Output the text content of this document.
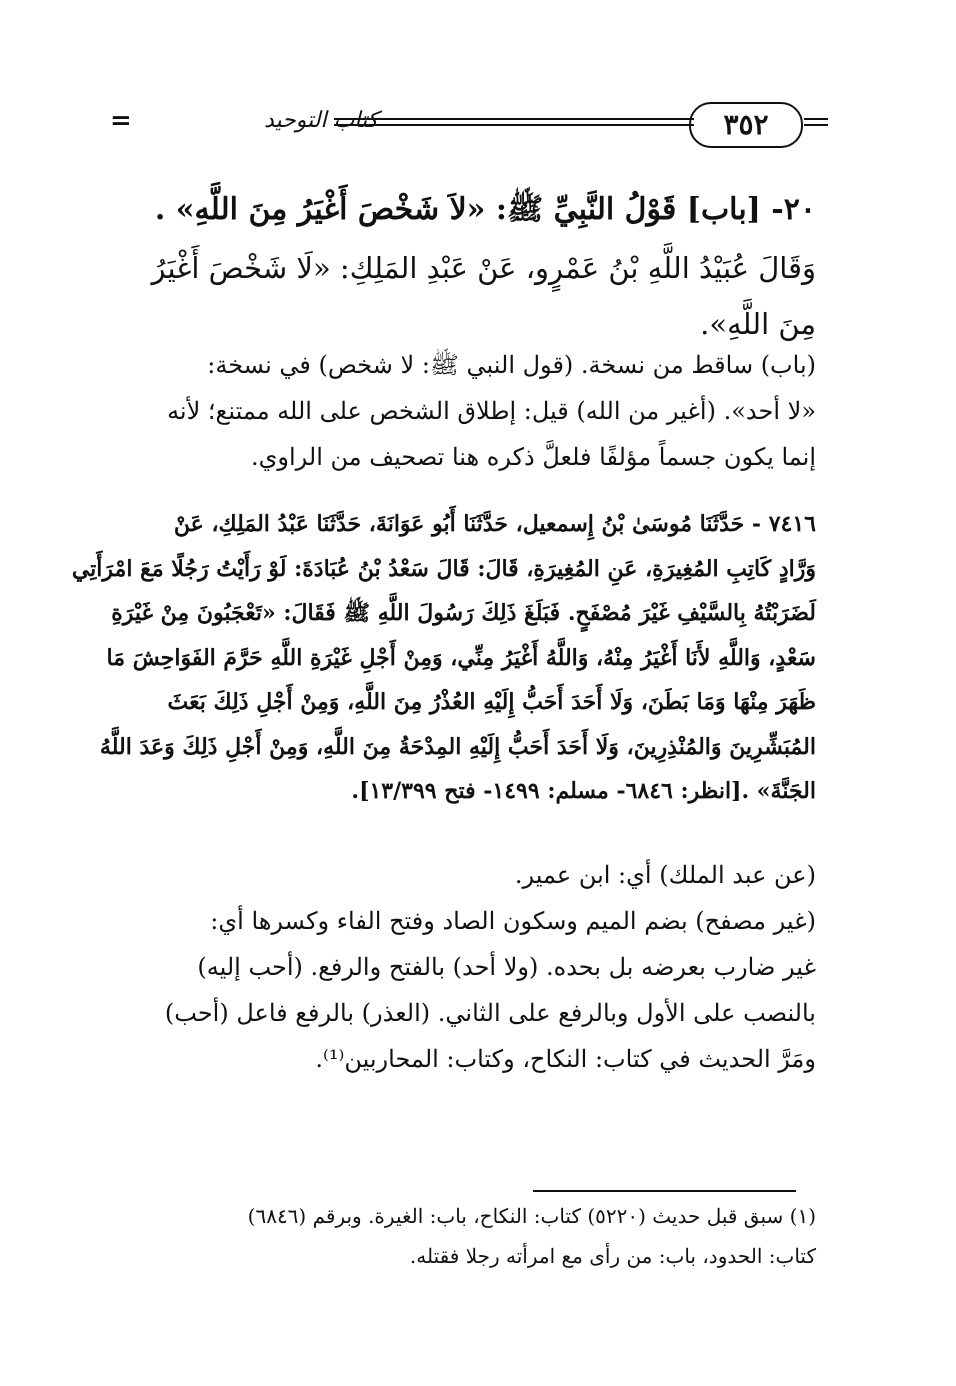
=	كتاب التوحيد	٣٥٢
٢٠- [باب] قَوْلُ النَّبِيِّ ﷺ: «لاَ شَخْصَ أَغْيَرُ مِنَ اللَّهِ» .
وَقَالَ عُبَيْدُ اللَّهِ بْنُ عَمْرٍو، عَنْ عَبْدِ المَلِكِ: «لَا شَخْصَ أَغْيَرُ
مِنَ اللَّهِ».
(باب) ساقط من نسخة. (قول النبي ﷺ: لا شخص) في نسخة:
«لا أحد». (أغير من الله) قيل: إطلاق الشخص على الله ممتنع؛ لأنه
إنما يكون جسماً مؤلفًا فلعلَّ ذكره هنا تصحيف من الراوي.
٧٤١٦ - حَدَّثَنَا مُوسَىٰ بْنُ إِسمعيل، حَدَّثَنَا أَبُو عَوَانَةَ، حَدَّثَنَا عَبْدُ المَلِكِ، عَنْ
وَرَّادٍ كَاتِبِ المُغِيرَةِ، عَنِ المُغِيرَةِ، قَالَ: قَالَ سَعْدُ بْنُ عُبَادَةَ: لَوْ رَأَيْتُ رَجُلًا مَعَ امْرَأَتِي
لَضَرَبْتُهُ بِالسَّيْفِ غَيْرَ مُصْفَحٍ. فَبَلَغَ ذَلِكَ رَسُولَ اللَّهِ ﷺ فَقَالَ: «تَعْجَبُونَ مِنْ غَيْرَةِ
سَعْدٍ، وَاللَّهِ لأَنَا أَغْيَرُ مِنْهُ، وَاللَّهُ أَغْيَرُ مِنِّي، وَمِنْ أَجْلِ غَيْرَةِ اللَّهِ حَرَّمَ الفَوَاحِشَ مَا
ظَهَرَ مِنْهَا وَمَا بَطَنَ، وَلَا أَحَدَ أَحَبُّ إِلَيْهِ العُذْرُ مِنَ اللَّهِ، وَمِنْ أَجْلِ ذَلِكَ بَعَثَ
المُبَشِّرِينَ وَالمُنْذِرِينَ، وَلَا أَحَدَ أَحَبُّ إِلَيْهِ المِدْحَةُ مِنَ اللَّهِ، وَمِنْ أَجْلِ ذَلِكَ وَعَدَ اللَّهُ
الجَنَّةَ» .[انظر: ٦٨٤٦- مسلم: ١٤٩٩- فتح ١٣/٣٩٩].
(عن عبد الملك) أي: ابن عمير.
(غير مصفح) بضم الميم وسكون الصاد وفتح الفاء وكسرها أي:
غير ضارب بعرضه بل بحده. (ولا أحد) بالفتح والرفع. (أحب إليه)
بالنصب على الأول وبالرفع على الثاني. (العذر) بالرفع فاعل (أحب)
ومَرَّ الحديث في كتاب: النكاح، وكتاب: المحاربين⁽¹⁾.
(١) سبق قبل حديث (٥٢٢٠) كتاب: النكاح، باب: الغيرة. وبرقم (٦٨٤٦)
كتاب: الحدود، باب: من رأى مع امرأته رجلا فقتله.
